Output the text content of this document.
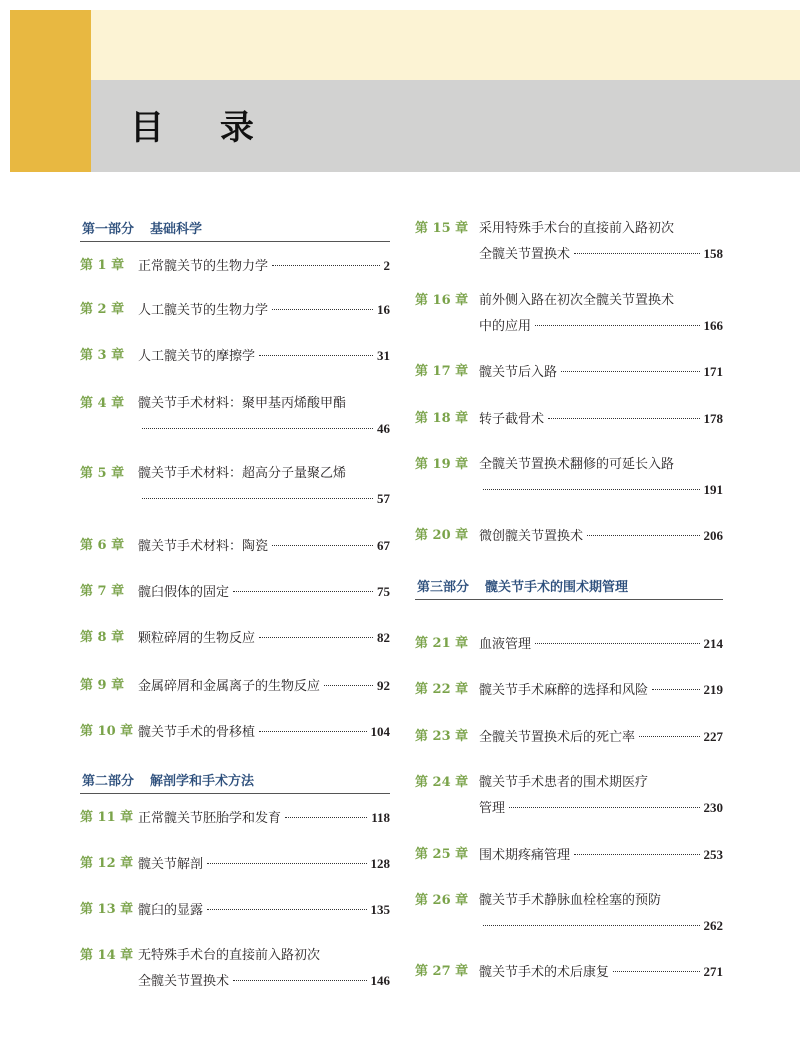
目 录
第一部分 基础科学
第二部分 解剖学和手术方法
第三部分 髋关节手术的围术期管理
第 1 章 正常髋关节的生物力学	2
第 2 章 人工髋关节的生物力学	16
第 3 章 人工髋关节的摩擦学	31
第 4 章 髋关节手术材料：聚甲基丙烯酸甲酯
46
第 5 章 髋关节手术材料：超高分子量聚乙烯
57
第 6 章 髋关节手术材料：陶瓷	67
第 7 章 髋臼假体的固定	75
第 8 章 颗粒碎屑的生物反应	82
第 9 章 金属碎屑和金属离子的生物反应	92
第 10 章 髋关节手术的骨移植	104
第 11 章 正常髋关节胚胎学和发育	118
第 12 章 髋关节解剖	128
第 13 章 髋臼的显露	135
第 14 章 无特殊手术台的直接前入路初次
全髋关节置换术	146
第 15 章 采用特殊手术台的直接前入路初次
全髋关节置换术	158
第 16 章 前外侧入路在初次全髋关节置换术
中的应用	166
第 17 章 髋关节后入路	171
第 18 章 转子截骨术	178
第 19 章 全髋关节置换术翻修的可延长入路
191
第 20 章 微创髋关节置换术	206
第 21 章 血液管理	214
第 22 章 髋关节手术麻醉的选择和风险	219
第 23 章 全髋关节置换术后的死亡率	227
第 24 章 髋关节手术患者的围术期医疗
管理	230
第 25 章 围术期疼痛管理	253
第 26 章 髋关节手术静脉血栓栓塞的预防
262
第 27 章 髋关节手术的术后康复	271
